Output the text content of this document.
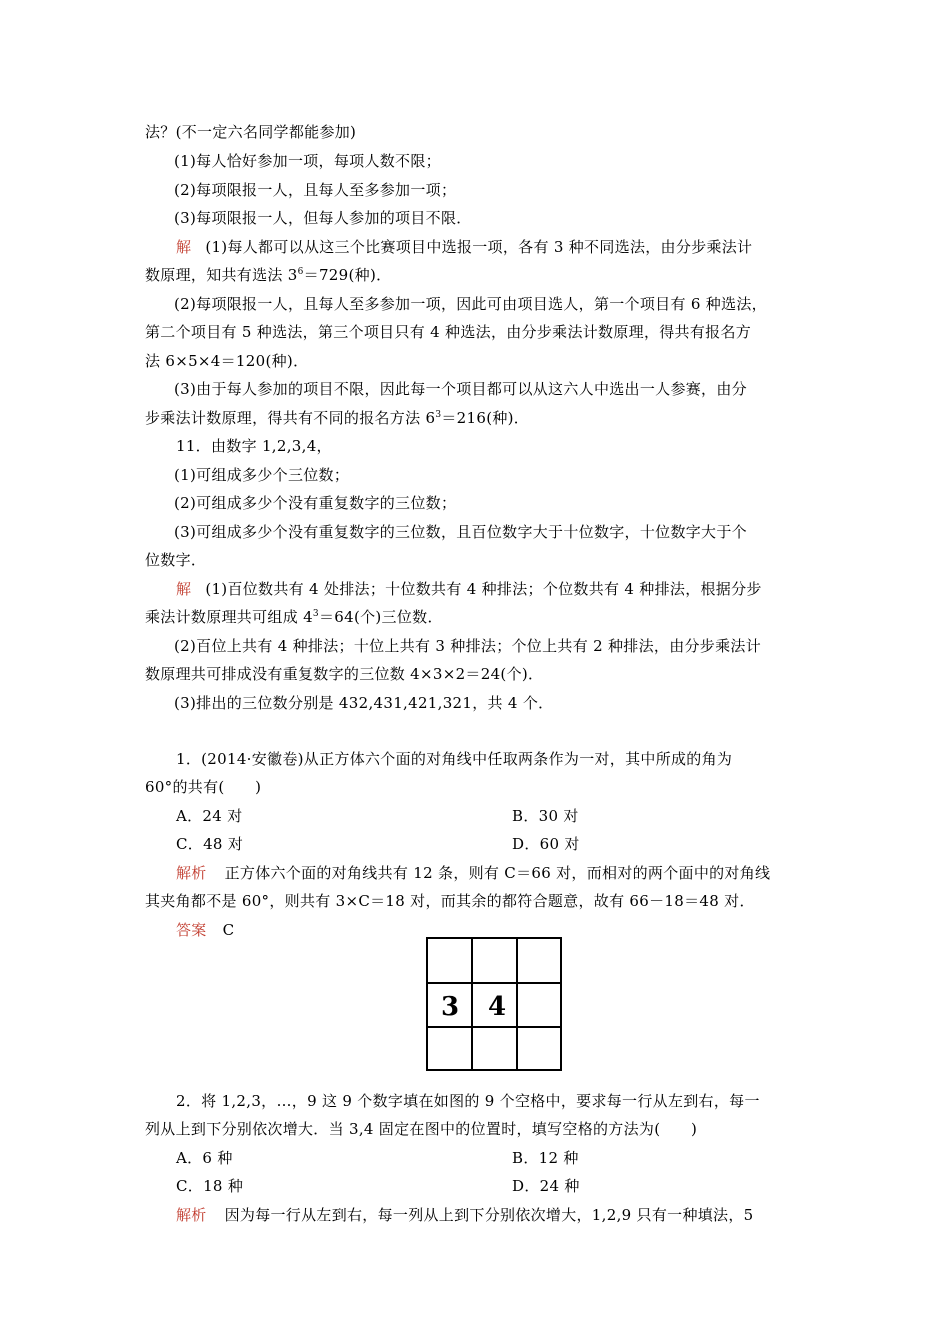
法？(不一定六名同学都能参加)
(1)每人恰好参加一项，每项人数不限；
(2)每项限报一人，且每人至多参加一项；
(3)每项限报一人，但每人参加的项目不限．
解 (1)每人都可以从这三个比赛项目中选报一项，各有 3 种不同选法，由分步乘法计
数原理，知共有选法 $3^6=729$(种)．
(2)每项限报一人，且每人至多参加一项，因此可由项目选人，第一个项目有 6 种选法，
第二个项目有 5 种选法，第三个项目只有 4 种选法，由分步乘法计数原理，得共有报名方
法 6×5×4＝120(种)．
(3)由于每人参加的项目不限，因此每一个项目都可以从这六人中选出一人参赛，由分
步乘法计数原理，得共有不同的报名方法 $6^3=216$(种)．
11．由数字 1,2,3,4，
(1)可组成多少个三位数；
(2)可组成多少个没有重复数字的三位数；
(3)可组成多少个没有重复数字的三位数，且百位数字大于十位数字，十位数字大于个
位数字．
解 (1)百位数共有 4 处排法；十位数共有 4 种排法；个位数共有 4 种排法，根据分步
乘法计数原理共可组成 $4^3=64$(个)三位数．
(2)百位上共有 4 种排法；十位上共有 3 种排法；个位上共有 2 种排法，由分步乘法计
数原理共可排成没有重复数字的三位数 4×3×2＝24(个)．
(3)排出的三位数分别是 432,431,421,321，共 4 个．
1．(2014·安徽卷)从正方体六个面的对角线中任取两条作为一对，其中所成的角为
60°的共有(　　)
A．24 对	B．30 对
C．48 对	D．60 对
解析 正方体六个面的对角线共有 12 条，则有 C＝66 对，而相对的两个面中的对角线
其夹角都不是 60°，则共有 3×C＝18 对，而其余的都符合题意，故有 66－18＝48 对．
答案 C
3 4
2．将 1,2,3，…，9 这 9 个数字填在如图的 9 个空格中，要求每一行从左到右，每一
列从上到下分别依次增大．当 3,4 固定在图中的位置时，填写空格的方法为(　　)
A．6 种	B．12 种
C．18 种	D．24 种
解析 因为每一行从左到右，每一列从上到下分别依次增大，1,2,9 只有一种填法，5
